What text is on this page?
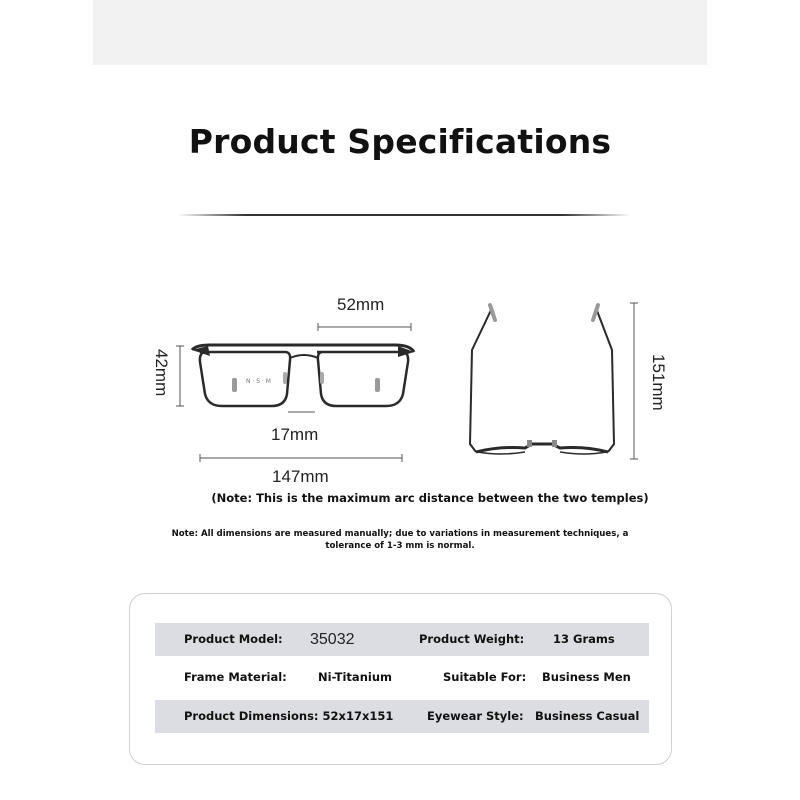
Product Specifications
N · S · M
52mm
42mm
17mm
147mm
151mm
(Note: This is the maximum arc distance between the two temples)
Note: All dimensions are measured manually; due to variations in measurement techniques, a tolerance of 1-3 mm is normal.
Product Model: 35032	Product Weight: 13 Grams
Frame Material:	Ni-Titanium	Suitable For: Business Men
Product Dimensions: 52x17x151	Eyewear Style: Business Casual
